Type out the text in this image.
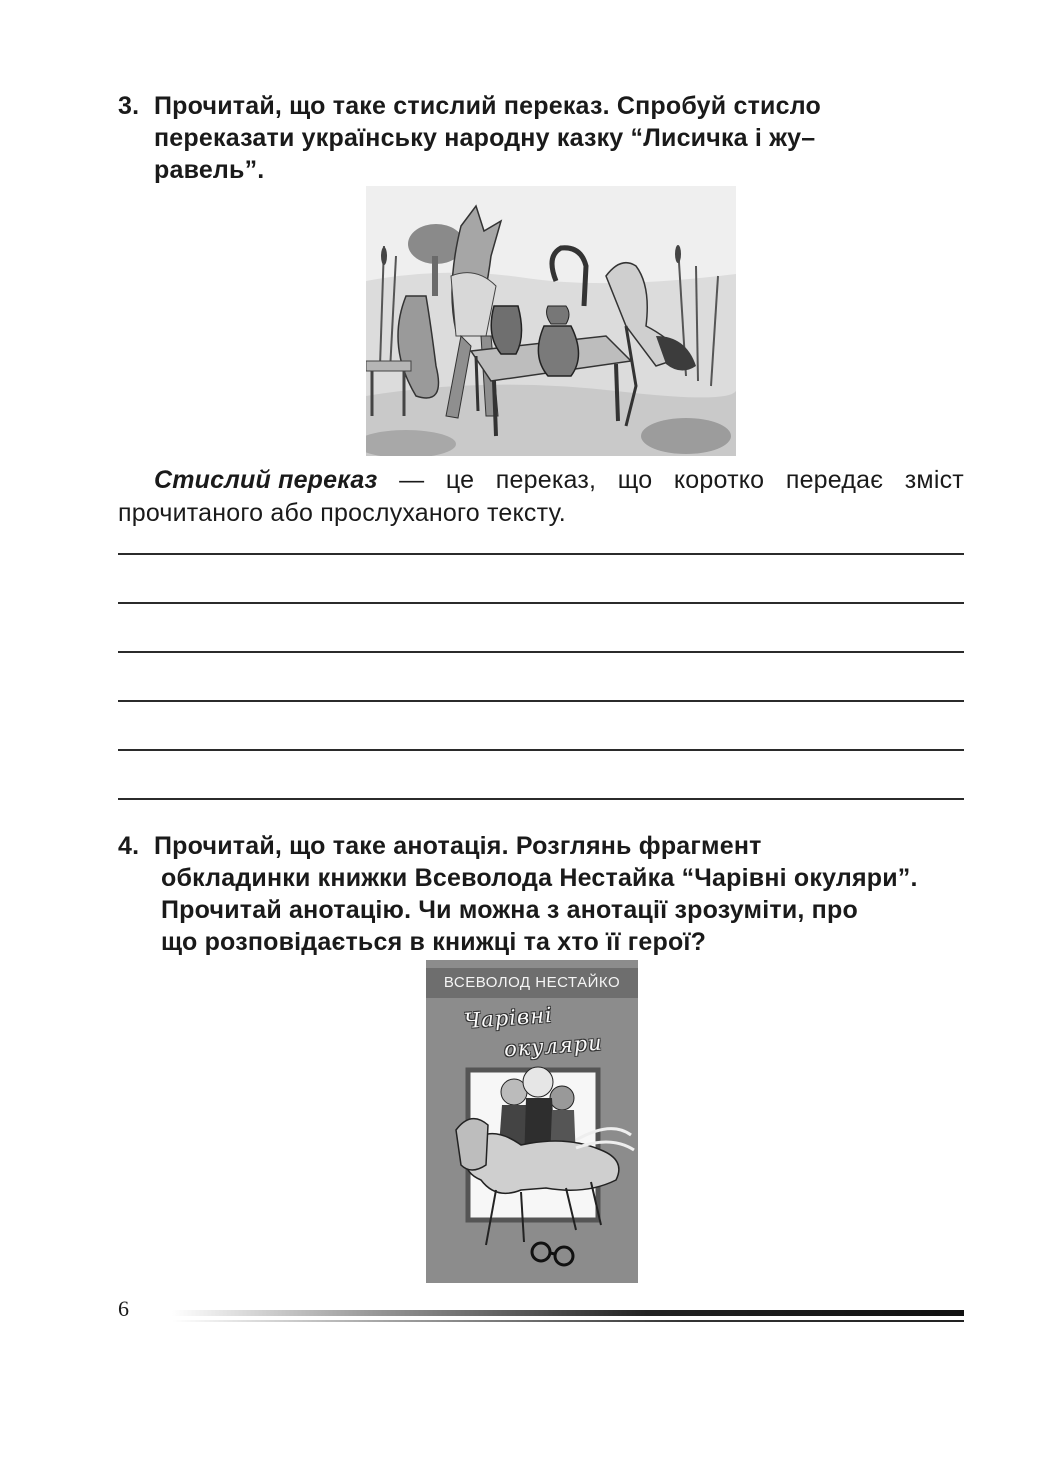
3. Прочитай, що таке стислий переказ. Спробуй стисло
переказати українську народну казку “Лисичка і жу–
равель”.
Стислий переказ — це переказ, що коротко передає зміст
прочитаного або прослуханого тексту.
4. Прочитай, що таке анотація. Розглянь фрагмент
обкладинки книжки Всеволода Нестайка “Чарівні окуляри”.
Прочитай анотацію. Чи можна з анотації зрозуміти, про
що розповідається в книжці та хто її герої?
ВСЕВОЛОД НЕСТАЙКО
Чарівні
окуляри
6
